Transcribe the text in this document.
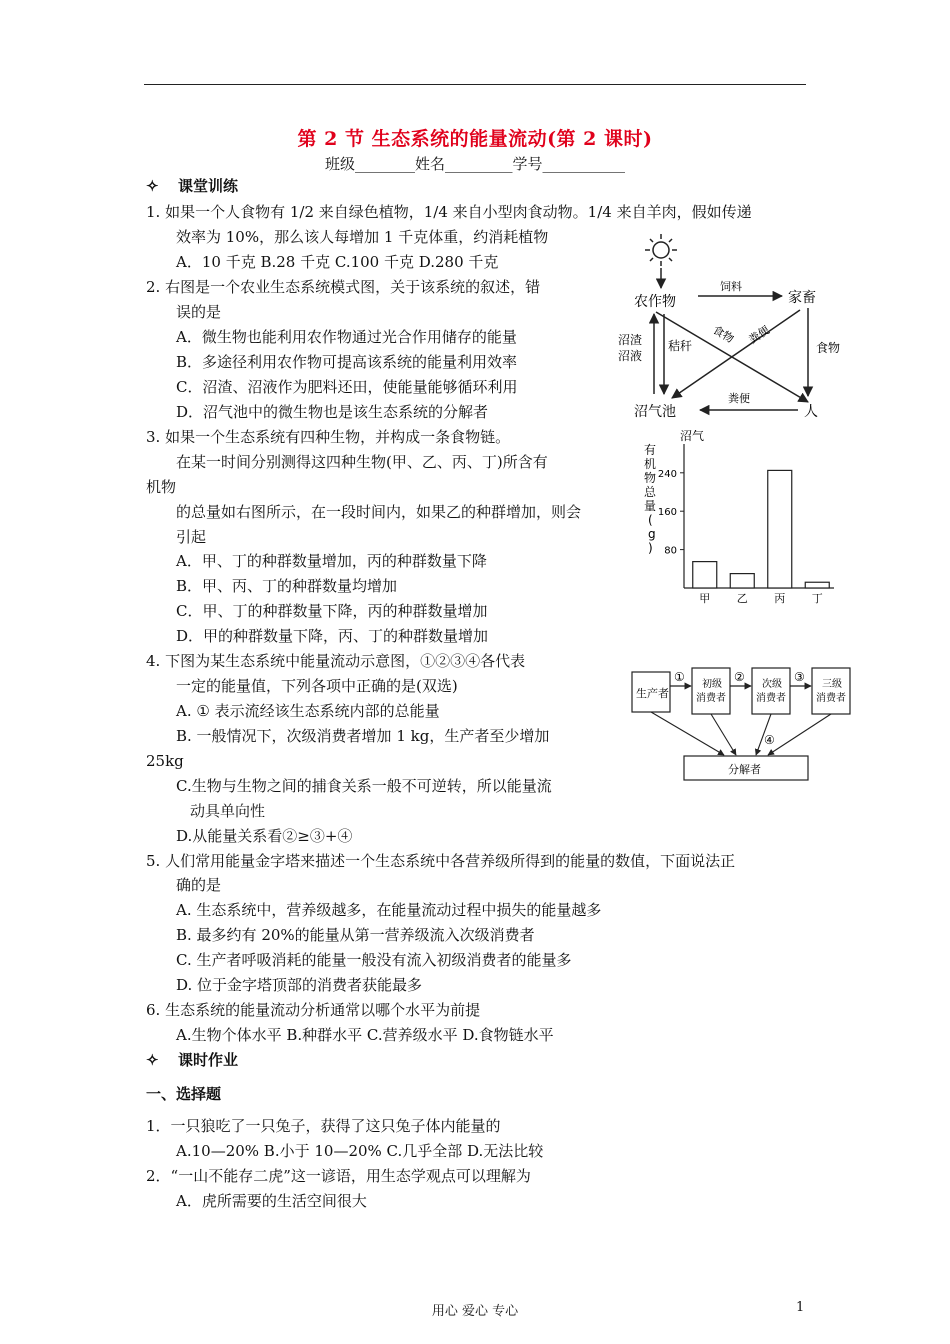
第 2 节 生态系统的能量流动(第 2 课时)
班级________姓名_________学号___________
✧ 课堂训练
1. 如果一个人食物有 1/2 来自绿色植物，1/4 来自小型肉食动物。1/4 来自羊肉，假如传递
效率为 10%，那么该人每增加 1 千克体重，约消耗植物
A．10 千克 B.28 千克 C.100 千克 D.280 千克
2. 右图是一个农业生态系统模式图，关于该系统的叙述，错
误的是
A．微生物也能利用农作物通过光合作用储存的能量
B．多途径利用农作物可提高该系统的能量利用效率
C．沼渣、沼液作为肥料还田，使能量能够循环利用
D．沼气池中的微生物也是该生态系统的分解者
3. 如果一个生态系统有四种生物，并构成一条食物链。
在某一时间分别测得这四种生物(甲、乙、丙、丁)所含有
机物
的总量如右图所示，在一段时间内，如果乙的种群增加，则会
引起
A．甲、丁的种群数量增加，丙的种群数量下降
B．甲、丙、丁的种群数量均增加
C．甲、丁的种群数量下降，丙的种群数量增加
D．甲的种群数量下降，丙、丁的种群数量增加
4. 下图为某生态系统中能量流动示意图，①②③④各代表
一定的能量值，下列各项中正确的是(双选)
A. ① 表示流经该生态系统内部的总能量
B. 一般情况下，次级消费者增加 1 kg，生产者至少增加
25kg
C.生物与生物之间的捕食关系一般不可逆转，所以能量流
动具单向性
D.从能量关系看②≥③+④
5. 人们常用能量金字塔来描述一个生态系统中各营养级所得到的能量的数值，下面说法正
确的是
A. 生态系统中，营养级越多，在能量流动过程中损失的能量越多
B. 最多约有 20%的能量从第一营养级流入次级消费者
C. 生产者呼吸消耗的能量一般没有流入初级消费者的能量多
D. 位于金字塔顶部的消费者获能最多
6. 生态系统的能量流动分析通常以哪个水平为前提
A.生物个体水平 B.种群水平 C.营养级水平 D.食物链水平
✧ 课时作业
一、选择题
1．一只狼吃了一只兔子，获得了这只兔子体内能量的
A.10—20% B.小于 10—20% C.几乎全部 D.无法比较
2．“一山不能存二虎”这一谚语，用生态学观点可以理解为
A．虎所需要的生活空间很大
农作物	家畜
沼气池	人
饲料
食物 粪便
秸秆
沼渣
沼液
食物
粪便
沼气
有机物总量( g )	80
160
240
甲 乙 丙 丁
生产者
初级消费者
次级消费者
三级消费者
①	②	③
④
分解者
用心 爱心 专心	1
